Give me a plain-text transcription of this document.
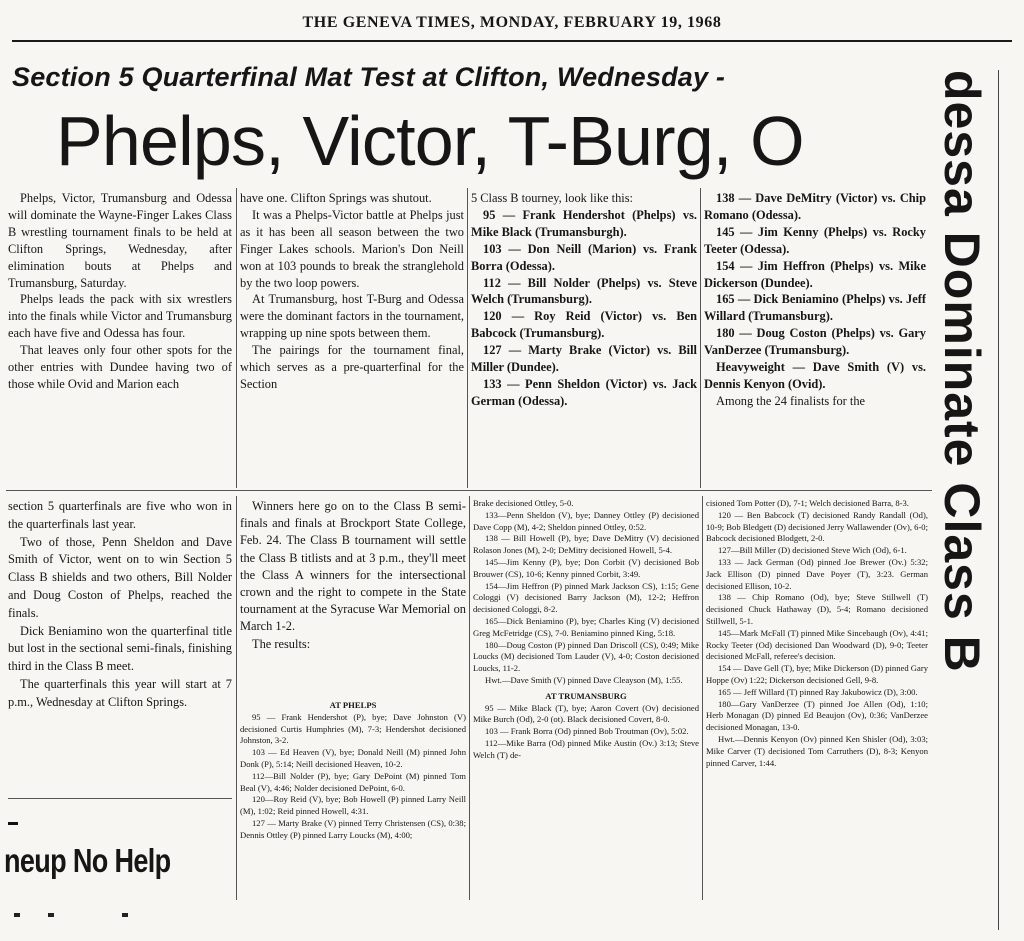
THE GENEVA TIMES, MONDAY, FEBRUARY 19, 1968
Section 5 Quarterfinal Mat Test at Clifton, Wednesday -
Phelps, Victor, T-Burg, O	dessa Dominate Class B

Phelps, Victor, Trumansburg and Odessa will dominate the Wayne-Finger Lakes Class B wrestling tournament finals to be held at Clifton Springs, Wednesday, after elimination bouts at Phelps and Trumansburg, Saturday.

Phelps leads the pack with six wrestlers into the finals while Victor and Trumansburg each have five and Odessa has four.

That leaves only four other spots for the other entries with Dundee having two of those while Ovid and Marion each

have one. Clifton Springs was shutout.

It was a Phelps-Victor battle at Phelps just as it has been all season between the two Finger Lakes schools. Marion's Don Neill won at 103 pounds to break the stranglehold by the two loop powers.

At Trumansburg, host T-Burg and Odessa were the dominant factors in the tournament, wrapping up nine spots between them.

The pairings for the tournament final, which serves as a pre-quarterfinal for the Section

5 Class B tourney, look like this:

95 — Frank Hendershot (Phelps) vs. Mike Black (Trumansburgh).

103 — Don Neill (Marion) vs. Frank Borra (Odessa).

112 — Bill Nolder (Phelps) vs. Steve Welch (Trumansburg).

120 — Roy Reid (Victor) vs. Ben Babcock (Trumansburg).

127 — Marty Brake (Victor) vs. Bill Miller (Dundee).

133 — Penn Sheldon (Victor) vs. Jack German (Odessa).

138 — Dave DeMitry (Victor) vs. Chip Romano (Odessa).

145 — Jim Kenny (Phelps) vs. Rocky Teeter (Odessa).

154 — Jim Heffron (Phelps) vs. Mike Dickerson (Dundee).

165 — Dick Beniamino (Phelps) vs. Jeff Willard (Trumansburg).

180 — Doug Coston (Phelps) vs. Gary VanDerzee (Trumansburg).

Heavyweight — Dave Smith (V) vs. Dennis Kenyon (Ovid).

Among the 24 finalists for the

section 5 quarterfinals are five who won in the quarterfinals last year.

Two of those, Penn Sheldon and Dave Smith of Victor, went on to win Section 5 Class B shields and two others, Bill Nolder and Doug Coston of Phelps, reached the finals.

Dick Beniamino won the quarterfinal title but lost in the sectional semi-finals, finishing third in the Class B meet.

The quarterfinals this year will start at 7 p.m., Wednesday at Clifton Springs.

neup No Help

Winners here go on to the Class B semi-finals and finals at Brockport State College, Feb. 24. The Class B tournament will settle the Class B titlists and at 3 p.m., they'll meet the Class A winners for the intersectional crown and the right to compete in the State tournament at the Syracuse War Memorial on March 1-2.

The results:

AT PHELPS

95 — Frank Hendershot (P), bye; Dave Johnston (V) decisioned Curtis Humphries (M), 7-3; Hendershot decisioned Johnston, 3-2.

103 — Ed Heaven (V), bye; Donald Neill (M) pinned John Donk (P), 5:14; Neill decisioned Heaven, 10-2.

112—Bill Nolder (P), bye; Gary DePoint (M) pinned Tom Beal (V), 4:46; Nolder decisioned DePoint, 6-0.

120—Roy Reid (V), bye; Bob Howell (P) pinned Larry Neill (M), 1:02; Reid pinned Howell, 4:31.

127 — Marty Brake (V) pinned Terry Christensen (CS), 0:38; Dennis Ottley (P) pinned Larry Loucks (M), 4:00;

Brake decisioned Ottley, 5-0.

133—Penn Sheldon (V), bye; Danney Ottley (P) decisioned Dave Copp (M), 4-2; Sheldon pinned Ottley, 0:52.

138 — Bill Howell (P), bye; Dave DeMitry (V) decisioned Rolason Jones (M), 2-0; DeMitry decisioned Howell, 5-4.

145—Jim Kenny (P), bye; Don Corbit (V) decisioned Bob Brouwer (CS), 10-6; Kenny pinned Corbit, 3:49.

154—Jim Heffron (P) pinned Mark Jackson CS), 1:15; Gene Cologgi (V) decisioned Barry Jackson (M), 12-2; Heffron decisioned Cologgi, 8-2.

165—Dick Beniamino (P), bye; Charles King (V) decisioned Greg McFetridge (CS), 7-0. Beniamino pinned King, 5:18.

180—Doug Coston (P) pinned Dan Driscoll (CS), 0:49; Mike Loucks (M) decisioned Tom Lauder (V), 4-0; Coston decisioned Loucks, 11-2.

Hwt.—Dave Smith (V) pinned Dave Cleayson (M), 1:55.

AT TRUMANSBURG

95 — Mike Black (T), bye; Aaron Covert (Ov) decisioned Mike Burch (Od), 2-0 (ot). Black decisioned Covert, 8-0.

103 — Frank Borra (Od) pinned Bob Troutman (Ov), 5:02.

112—Mike Barra (Od) pinned Mike Austin (Ov.) 3:13; Steve Welch (T) de-

cisioned Tom Potter (D), 7-1; Welch decisioned Barra, 8-3.

120 — Ben Babcock (T) decisioned Randy Randall (Od), 10-9; Bob Bledgett (D) decisioned Jerry Wallawender (Ov), 6-0; Babcock decisioned Blodgett, 2-0.

127—Bill Miller (D) decisioned Steve Wich (Od), 6-1.

133 — Jack German (Od) pinned Joe Brewer (Ov.) 5:32; Jack Ellison (D) pinned Dave Poyer (T), 3:23. German decisioned Ellison, 10-2.

138 — Chip Romano (Od), bye; Steve Stillwell (T) decisioned Chuck Hathaway (D), 5-4; Romano decisioned Stillwell, 5-1.

145—Mark McFall (T) pinned Mike Sincebaugh (Ov), 4:41; Rocky Teeter (Od) decisioned Dan Woodward (D), 9-0; Teeter decisioned McFall, referee's decision.

154 — Dave Gell (T), bye; Mike Dickerson (D) pinned Gary Hoppe (Ov) 1:22; Dickerson decisioned Gell, 9-8.

165 — Jeff Willard (T) pinned Ray Jakubowicz (D), 3:00.

180—Gary VanDerzee (T) pinned Joe Allen (Od), 1:10; Herb Monagan (D) pinned Ed Beaujon (Ov), 0:36; VanDerzee decisioned Monagan, 13-0.

Hwt.—Dennis Kenyon (Ov) pinned Ken Shisler (Od), 3:03; Mike Carver (T) decisioned Tom Carruthers (D), 8-3; Kenyon pinned Carver, 1:44.
